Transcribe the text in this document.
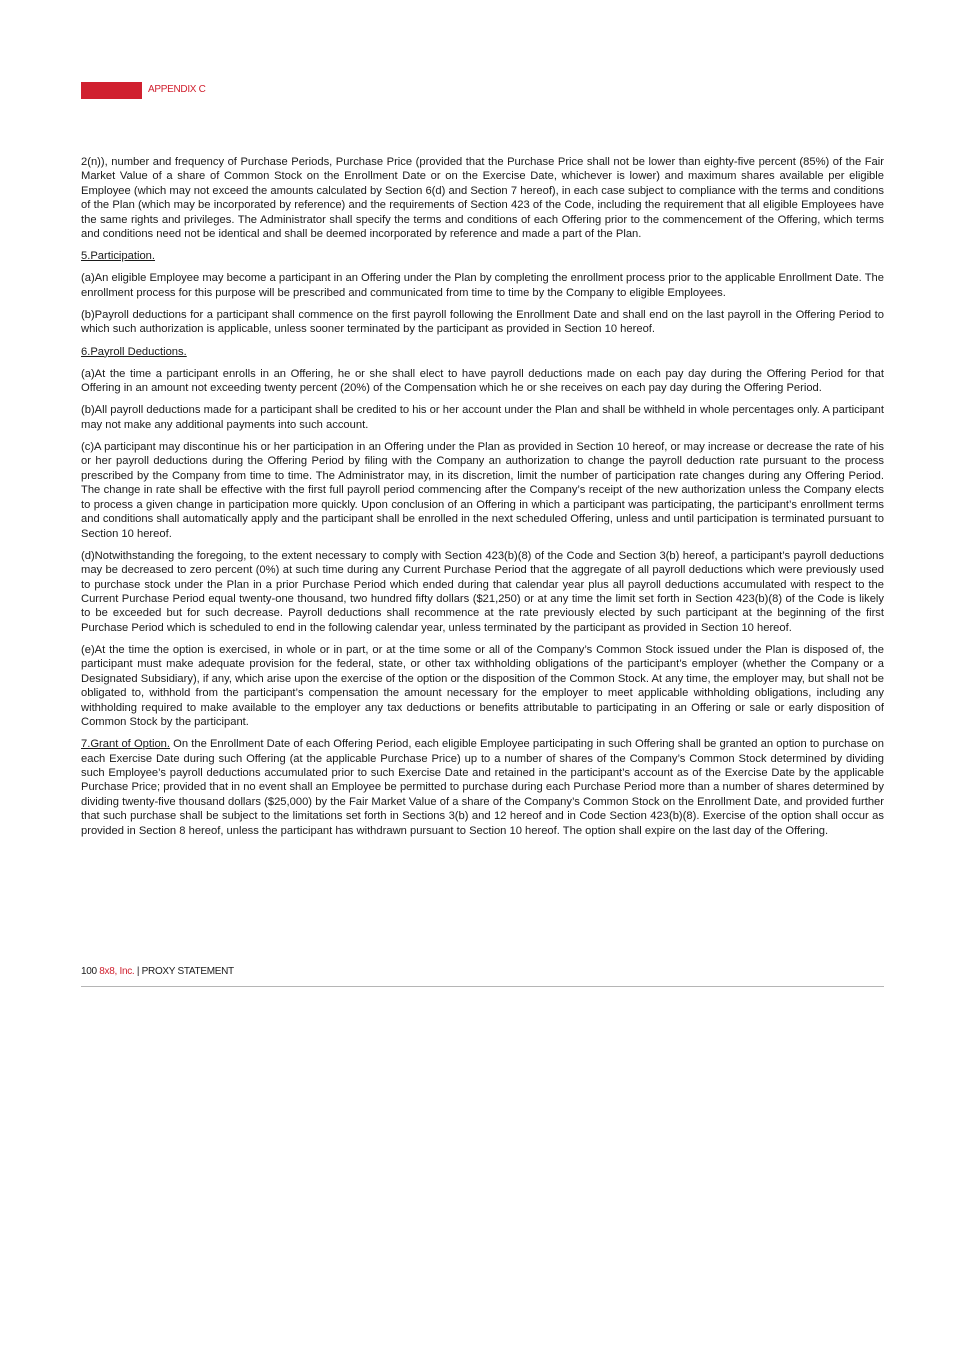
APPENDIX C

2(n)), number and frequency of Purchase Periods, Purchase Price (provided that the Purchase Price shall not be lower than eighty-five percent (85%) of the Fair Market Value of a share of Common Stock on the Enrollment Date or on the Exercise Date, whichever is lower) and maximum shares available per eligible Employee (which may not exceed the amounts calculated by Section 6(d) and Section 7 hereof), in each case subject to compliance with the terms and conditions of the Plan (which may be incorporated by reference) and the requirements of Section 423 of the Code, including the requirement that all eligible Employees have the same rights and privileges. The Administrator shall specify the terms and conditions of each Offering prior to the commencement of the Offering, which terms and conditions need not be identical and shall be deemed incorporated by reference and made a part of the Plan.

5.Participation.

(a)An eligible Employee may become a participant in an Offering under the Plan by completing the enrollment process prior to the applicable Enrollment Date. The enrollment process for this purpose will be prescribed and communicated from time to time by the Company to eligible Employees.

(b)Payroll deductions for a participant shall commence on the first payroll following the Enrollment Date and shall end on the last payroll in the Offering Period to which such authorization is applicable, unless sooner terminated by the participant as provided in Section 10 hereof.

6.Payroll Deductions.

(a)At the time a participant enrolls in an Offering, he or she shall elect to have payroll deductions made on each pay day during the Offering Period for that Offering in an amount not exceeding twenty percent (20%) of the Compensation which he or she receives on each pay day during the Offering Period.

(b)All payroll deductions made for a participant shall be credited to his or her account under the Plan and shall be withheld in whole percentages only. A participant may not make any additional payments into such account.

(c)A participant may discontinue his or her participation in an Offering under the Plan as provided in Section 10 hereof, or may increase or decrease the rate of his or her payroll deductions during the Offering Period by filing with the Company an authorization to change the payroll deduction rate pursuant to the process prescribed by the Company from time to time. The Administrator may, in its discretion, limit the number of participation rate changes during any Offering Period. The change in rate shall be effective with the first full payroll period commencing after the Company’s receipt of the new authorization unless the Company elects to process a given change in participation more quickly. Upon conclusion of an Offering in which a participant was participating, the participant’s enrollment terms and conditions shall automatically apply and the participant shall be enrolled in the next scheduled Offering, unless and until participation is terminated pursuant to Section 10 hereof.

(d)Notwithstanding the foregoing, to the extent necessary to comply with Section 423(b)(8) of the Code and Section 3(b) hereof, a participant’s payroll deductions may be decreased to zero percent (0%) at such time during any Current Purchase Period that the aggregate of all payroll deductions which were previously used to purchase stock under the Plan in a prior Purchase Period which ended during that calendar year plus all payroll deductions accumulated with respect to the Current Purchase Period equal twenty-one thousand, two hundred fifty dollars ($21,250) or at any time the limit set forth in Section 423(b)(8) of the Code is likely to be exceeded but for such decrease. Payroll deductions shall recommence at the rate previously elected by such participant at the beginning of the first Purchase Period which is scheduled to end in the following calendar year, unless terminated by the participant as provided in Section 10 hereof.

(e)At the time the option is exercised, in whole or in part, or at the time some or all of the Company’s Common Stock issued under the Plan is disposed of, the participant must make adequate provision for the federal, state, or other tax withholding obligations of the participant’s employer (whether the Company or a Designated Subsidiary), if any, which arise upon the exercise of the option or the disposition of the Common Stock. At any time, the employer may, but shall not be obligated to, withhold from the participant’s compensation the amount necessary for the employer to meet applicable withholding obligations, including any withholding required to make available to the employer any tax deductions or benefits attributable to participating in an Offering or sale or early disposition of Common Stock by the participant.

7.Grant of Option. On the Enrollment Date of each Offering Period, each eligible Employee participating in such Offering shall be granted an option to purchase on each Exercise Date during such Offering (at the applicable Purchase Price) up to a number of shares of the Company’s Common Stock determined by dividing such Employee’s payroll deductions accumulated prior to such Exercise Date and retained in the participant’s account as of the Exercise Date by the applicable Purchase Price; provided that in no event shall an Employee be permitted to purchase during each Purchase Period more than a number of shares determined by dividing twenty-five thousand dollars ($25,000) by the Fair Market Value of a share of the Company’s Common Stock on the Enrollment Date, and provided further that such purchase shall be subject to the limitations set forth in Sections 3(b) and 12 hereof and in Code Section 423(b)(8). Exercise of the option shall occur as provided in Section 8 hereof, unless the participant has withdrawn pursuant to Section 10 hereof. The option shall expire on the last day of the Offering.

100 8x8, Inc. | PROXY STATEMENT
